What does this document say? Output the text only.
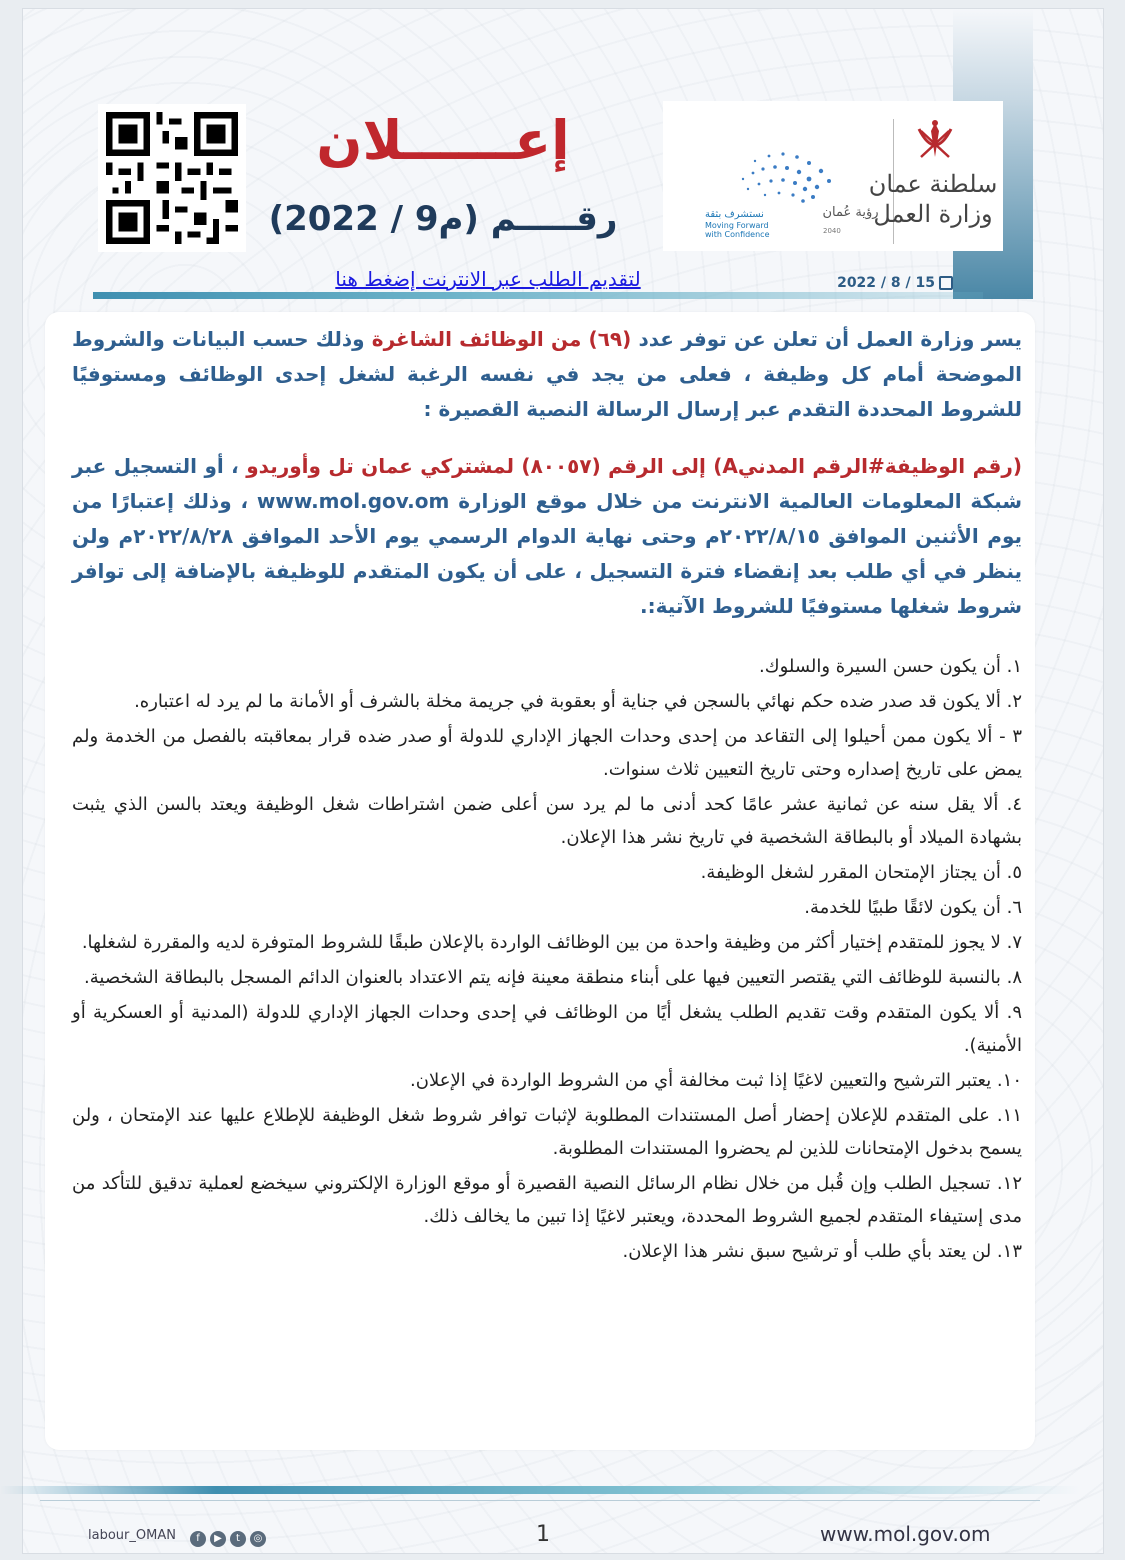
إعــــــلان
رقـــــم (م9 / 2022)
سلطنة عمان
وزارة العمل
رؤية عُمان
2040
نستشرف بثقة
Moving Forward
with Confidence
2022 / 8 / 15
لتقديم الطلب عبر الانترنت إضغط هنا
يسر وزارة العمل أن تعلن عن توفر عدد (٦٩) من الوظائف الشاغرة وذلك حسب البيانات والشروط الموضحة أمام كل وظيفة ، فعلى من يجد في نفسه الرغبة لشغل إحدى الوظائف ومستوفيًا للشروط المحددة التقدم عبر إرسال الرسالة النصية القصيرة :
(رقم الوظيفة#الرقم المدنيA) إلى الرقم (٨٠٠٥٧) لمشتركي عمان تل وأوريدو ، أو التسجيل عبر شبكة المعلومات العالمية الانترنت من خلال موقع الوزارة www.mol.gov.om ، وذلك إعتبارًا من يوم الأثنين الموافق ٢٠٢٢/٨/١٥م وحتى نهاية الدوام الرسمي يوم الأحد الموافق ٢٠٢٢/٨/٢٨م ولن ينظر في أي طلب بعد إنقضاء فترة التسجيل ، على أن يكون المتقدم للوظيفة بالإضافة إلى توافر شروط شغلها مستوفيًا للشروط الآتية:.
١. أن يكون حسن السيرة والسلوك.
٢. ألا يكون قد صدر ضده حكم نهائي بالسجن في جناية أو بعقوبة في جريمة مخلة بالشرف أو الأمانة ما لم يرد له اعتباره.
٣ - ألا يكون ممن أحيلوا إلى التقاعد من إحدى وحدات الجهاز الإداري للدولة أو صدر ضده قرار بمعاقبته بالفصل من الخدمة ولم يمض على تاريخ إصداره وحتى تاريخ التعيين ثلاث سنوات.
٤. ألا يقل سنه عن ثمانية عشر عامًا كحد أدنى ما لم يرد سن أعلى ضمن اشتراطات شغل الوظيفة ويعتد بالسن الذي يثبت بشهادة الميلاد أو بالبطاقة الشخصية في تاريخ نشر هذا الإعلان.
٥. أن يجتاز الإمتحان المقرر لشغل الوظيفة.
٦. أن يكون لائقًا طبيًا للخدمة.
٧. لا يجوز للمتقدم إختيار أكثر من وظيفة واحدة من بين الوظائف الواردة بالإعلان طبقًا للشروط المتوفرة لديه والمقررة لشغلها.
٨. بالنسبة للوظائف التي يقتصر التعيين فيها على أبناء منطقة معينة فإنه يتم الاعتداد بالعنوان الدائم المسجل بالبطاقة الشخصية.
٩. ألا يكون المتقدم وقت تقديم الطلب يشغل أيًا من الوظائف في إحدى وحدات الجهاز الإداري للدولة (المدنية أو العسكرية أو الأمنية).
١٠. يعتبر الترشيح والتعيين لاغيًا إذا ثبت مخالفة أي من الشروط الواردة في الإعلان.
١١. على المتقدم للإعلان إحضار أصل المستندات المطلوبة لإثبات توافر شروط شغل الوظيفة للإطلاع عليها عند الإمتحان ، ولن يسمح بدخول الإمتحانات للذين لم يحضروا المستندات المطلوبة.
١٢. تسجيل الطلب وإن قُبل من خلال نظام الرسائل النصية القصيرة أو موقع الوزارة الإلكتروني سيخضع لعملية تدقيق للتأكد من مدى إستيفاء المتقدم لجميع الشروط المحددة، ويعتبر لاغيًا إذا تبين ما يخالف ذلك.
١٣. لن يعتد بأي طلب أو ترشيح سبق نشر هذا الإعلان.
labour_OMAN	f ▶ t ◎	1	www.mol.gov.om
